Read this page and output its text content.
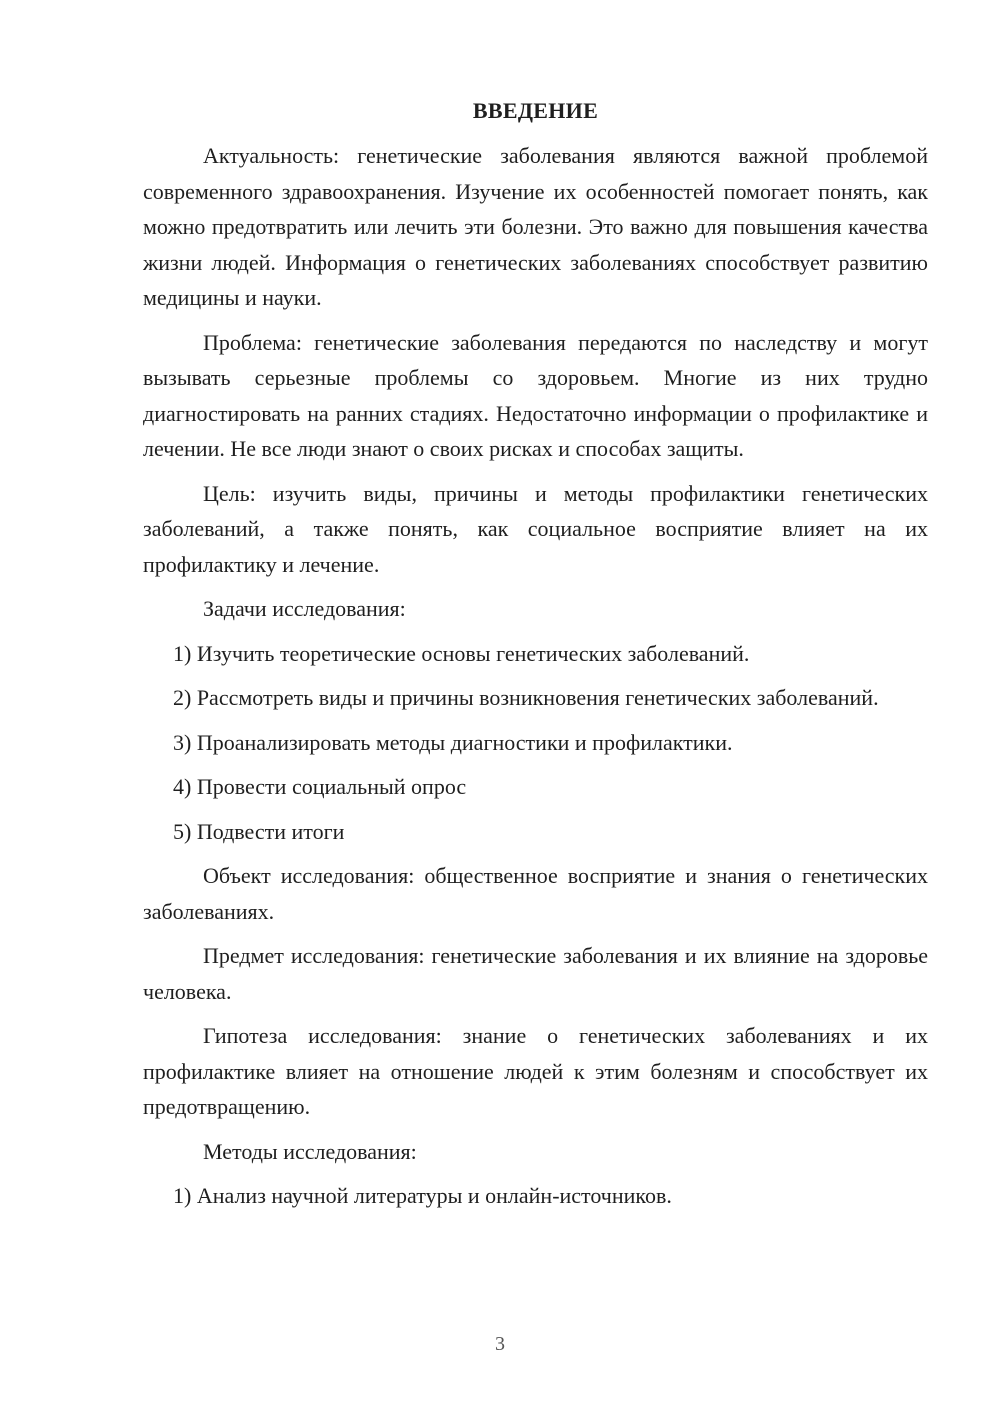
ВВЕДЕНИЕ

Актуальность: генетические заболевания являются важной проблемой современного здравоохранения. Изучение их особенностей помогает понять, как можно предотвратить или лечить эти болезни. Это важно для повышения качества жизни людей. Информация о генетических заболеваниях способствует развитию медицины и науки.

Проблема: генетические заболевания передаются по наследству и могут вызывать серьезные проблемы со здоровьем. Многие из них трудно диагностировать на ранних стадиях. Недостаточно информации о профилактике и лечении. Не все люди знают о своих рисках и способах защиты.

Цель: изучить виды, причины и методы профилактики генетических заболеваний, а также понять, как социальное восприятие влияет на их профилактику и лечение.

Задачи исследования:

1) Изучить теоретические основы генетических заболеваний.

2) Рассмотреть виды и причины возникновения генетических заболеваний.

3) Проанализировать методы диагностики и профилактики.

4) Провести социальный опрос

5) Подвести итоги

Объект исследования: общественное восприятие и знания о генетических заболеваниях.

Предмет исследования: генетические заболевания и их влияние на здоровье человека.

Гипотеза исследования: знание о генетических заболеваниях и их профилактике влияет на отношение людей к этим болезням и способствует их предотвращению.

Методы исследования:

1) Анализ научной литературы и онлайн-источников.

3
